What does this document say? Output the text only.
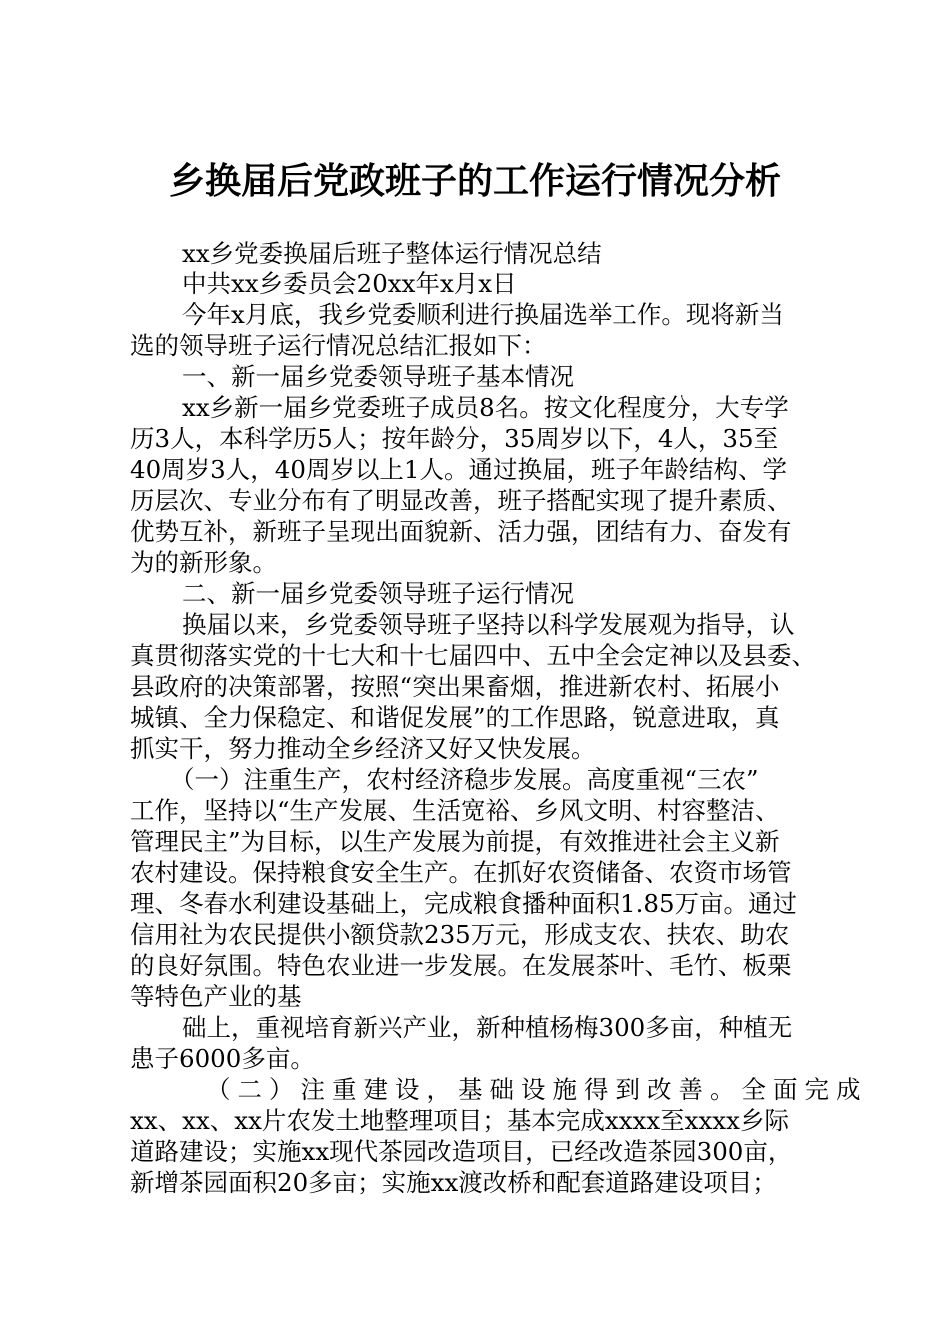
乡换届后党政班子的工作运行情况分析

xx乡党委换届后班子整体运行情况总结

中共xx乡委员会20xx年x月x日

今年x月底，我乡党委顺利进行换届选举工作。现将新当

选的领导班子运行情况总结汇报如下：

一、新一届乡党委领导班子基本情况

xx乡新一届乡党委班子成员8名。按文化程度分，大专学

历3人，本科学历5人；按年龄分，35周岁以下，4人，35至

40周岁3人，40周岁以上1人。通过换届，班子年龄结构、学

历层次、专业分布有了明显改善，班子搭配实现了提升素质、

优势互补，新班子呈现出面貌新、活力强，团结有力、奋发有

为的新形象。

二、新一届乡党委领导班子运行情况

换届以来，乡党委领导班子坚持以科学发展观为指导，认

真贯彻落实党的十七大和十七届四中、五中全会定神以及县委、

县政府的决策部署，按照“突出果畜烟，推进新农村、拓展小

城镇、全力保稳定、和谐促发展”的工作思路，锐意进取，真

抓实干，努力推动全乡经济又好又快发展。

（一）注重生产，农村经济稳步发展。高度重视“三农”

工作，坚持以“生产发展、生活宽裕、乡风文明、村容整洁、

管理民主”为目标，以生产发展为前提，有效推进社会主义新

农村建设。保持粮食安全生产。在抓好农资储备、农资市场管

理、冬春水利建设基础上，完成粮食播种面积1.85万亩。通过

信用社为农民提供小额贷款235万元，形成支农、扶农、助农

的良好氛围。特色农业进一步发展。在发展茶叶、毛竹、板栗

等特色产业的基

础上，重视培育新兴产业，新种植杨梅300多亩，种植无

患子6000多亩。

（二）注重建设，基础设施得到改善。全面完成

xx、xx、xx片农发土地整理项目；基本完成xxxx至xxxx乡际

道路建设；实施xx现代茶园改造项目，已经改造茶园300亩，

新增茶园面积20多亩；实施xx渡改桥和配套道路建设项目；
